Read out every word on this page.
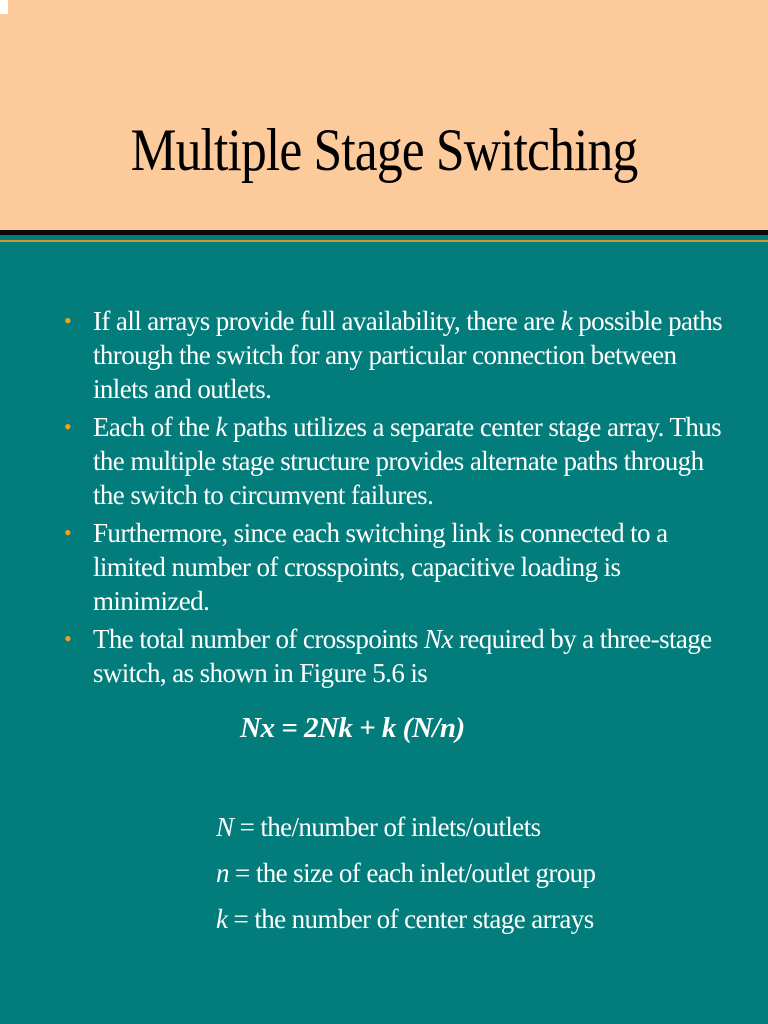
Multiple Stage Switching
• If all arrays provide full availability, there are k possible paths through the switch for any particular connection between inlets and outlets.
• Each of the k paths utilizes a separate center stage array. Thus the multiple stage structure provides alternate paths through the switch to circumvent failures.
• Furthermore, since each switching link is connected to a limited number of crosspoints, capacitive loading is minimized.
• The total number of crosspoints Nx required by a three-stage switch, as shown in Figure 5.6 is
Nx = 2Nk + k (N/n)
N = the/number of inlets/outlets
n = the size of each inlet/outlet group
k = the number of center stage arrays
